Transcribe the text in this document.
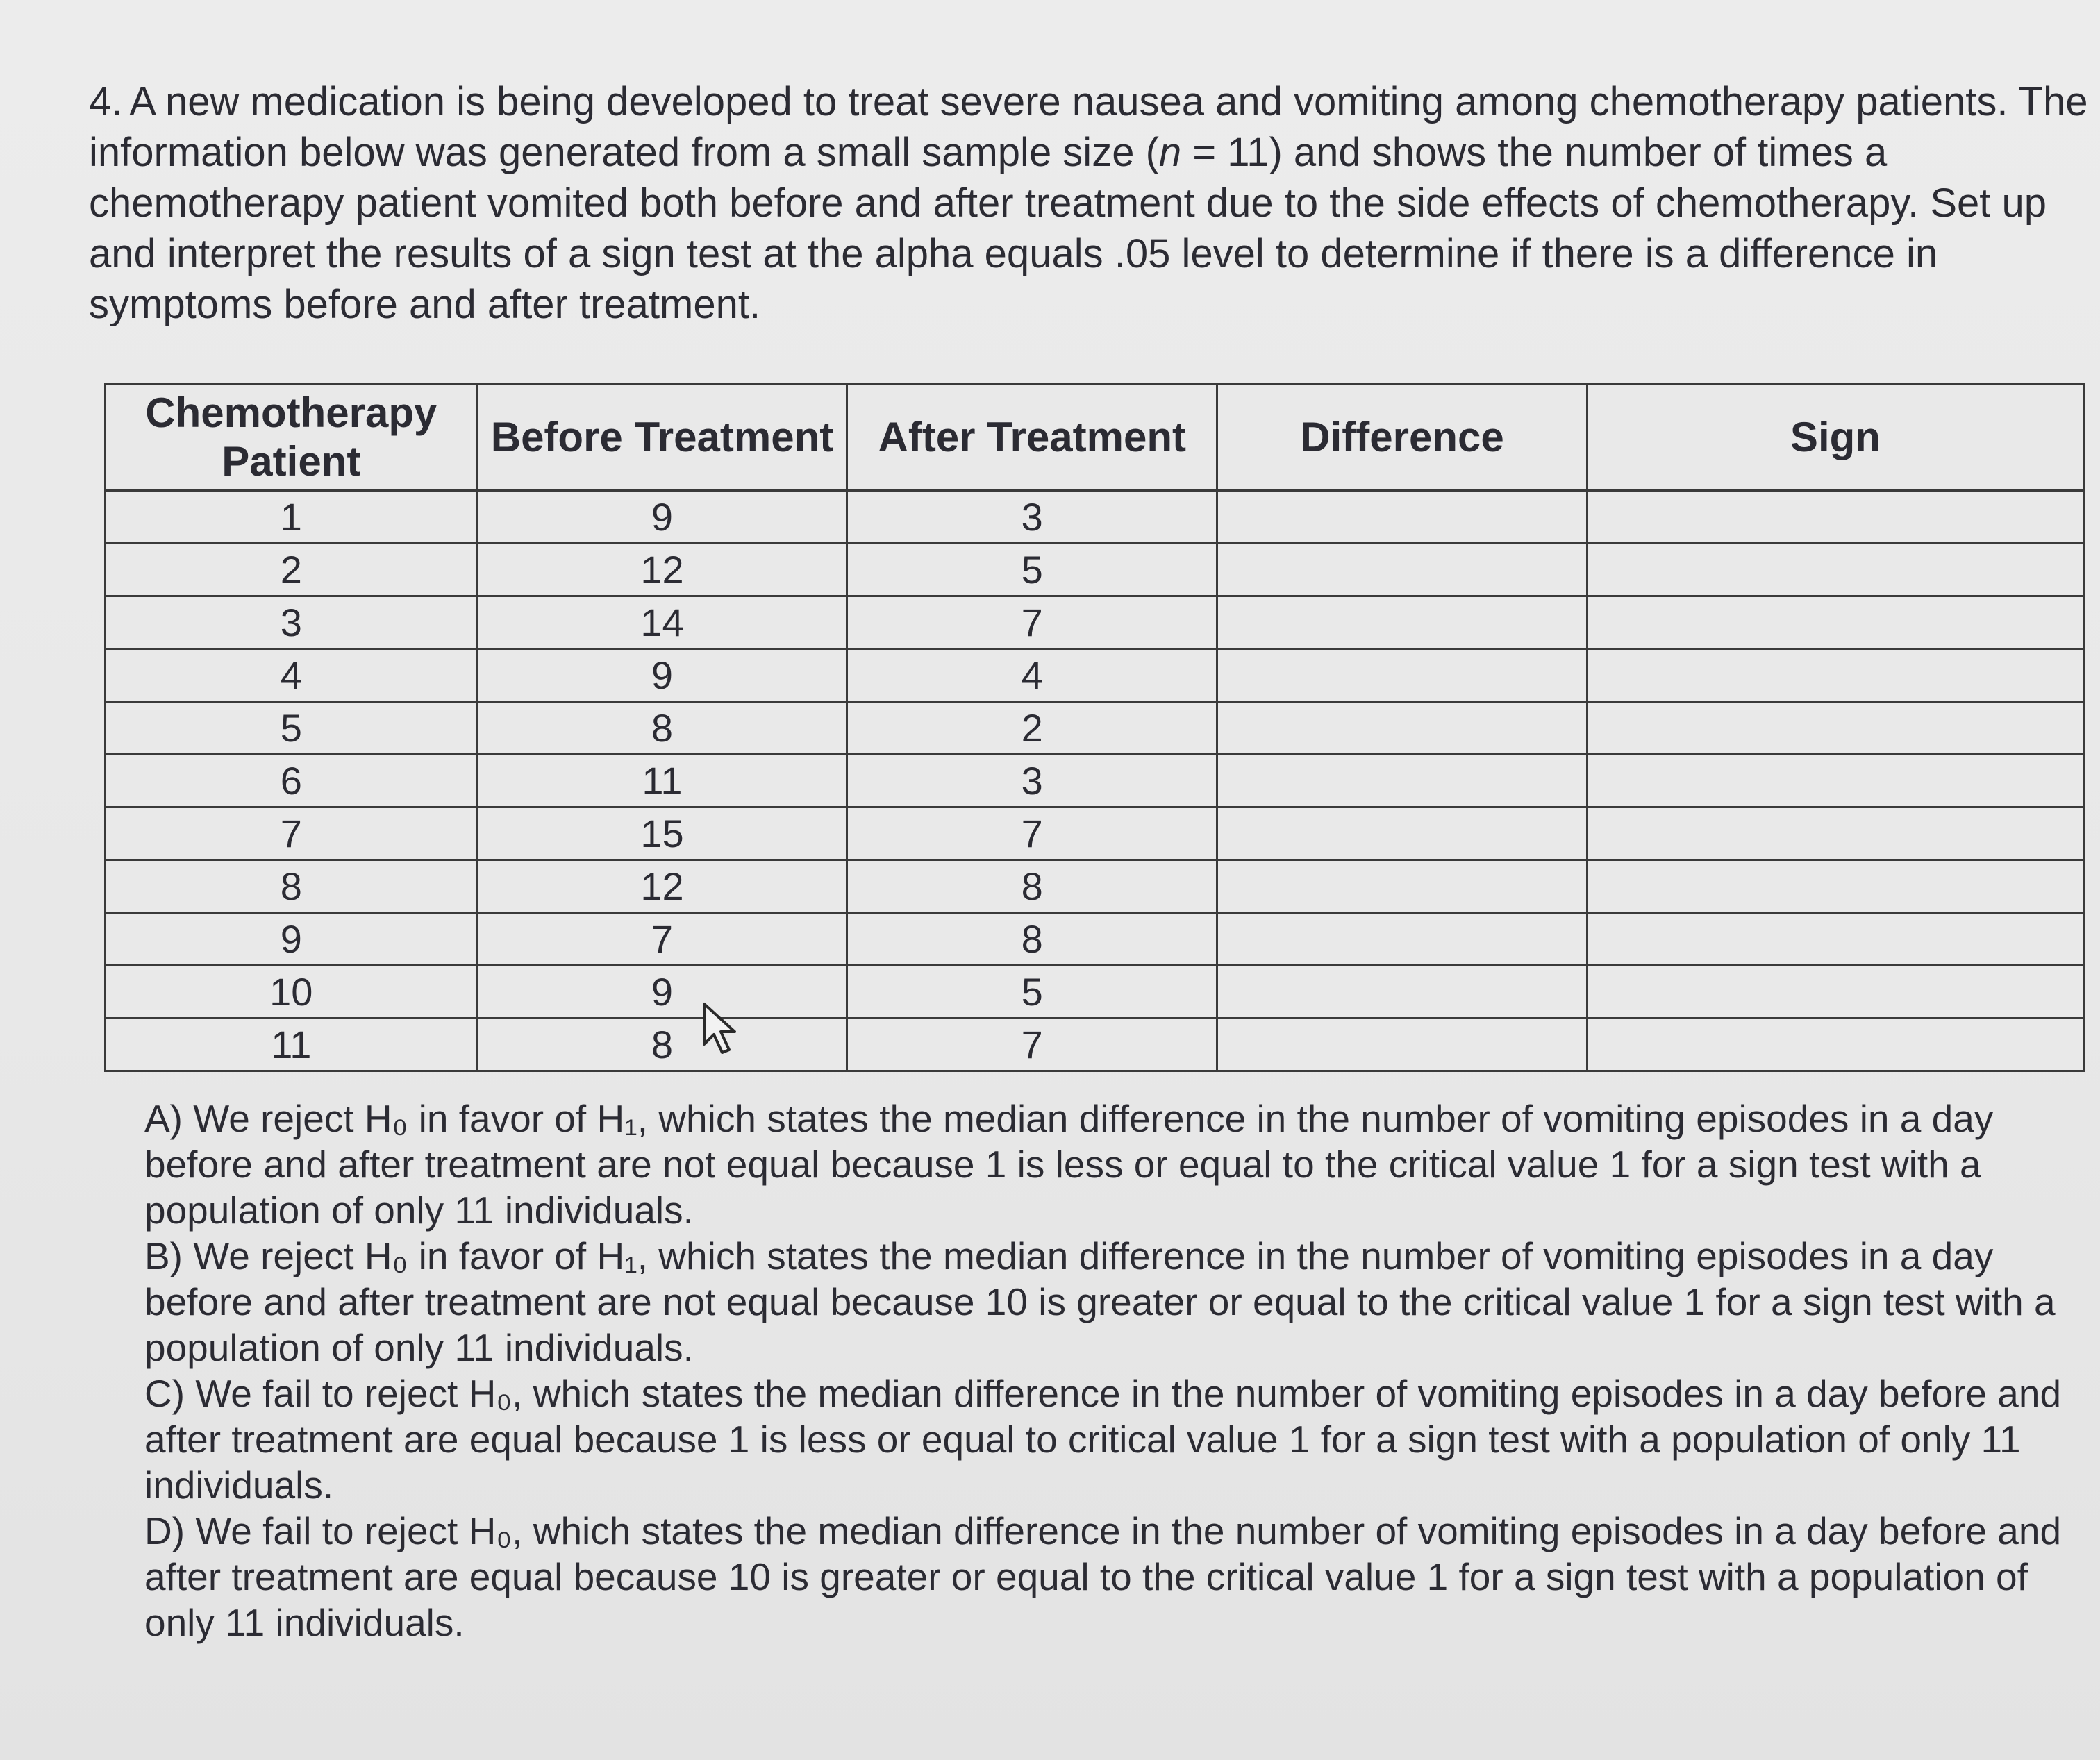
4. A new medication is being developed to treat severe nausea and vomiting among chemotherapy patients. The information below was generated from a small sample size (n = 11) and shows the number of times a chemotherapy patient vomited both before and after treatment due to the side effects of chemotherapy. Set up and interpret the results of a sign test at the alpha equals .05 level to determine if there is a difference in symptoms before and after treatment.

Chemotherapy Patient	Before Treatment	After Treatment	Difference	Sign
1	9	3		
2	12	5		
3	14	7		
4	9	4		
5	8	2		
6	11	3		
7	15	7		
8	12	8		
9	7	8		
10	9	5		
11	8	7		

A) We reject H₀ in favor of H₁, which states the median difference in the number of vomiting episodes in a day before and after treatment are not equal because 1 is less or equal to the critical value 1 for a sign test with a population of only 11 individuals.

B) We reject H₀ in favor of H₁, which states the median difference in the number of vomiting episodes in a day before and after treatment are not equal because 10 is greater or equal to the critical value 1 for a sign test with a population of only 11 individuals.

C) We fail to reject H₀, which states the median difference in the number of vomiting episodes in a day before and after treatment are equal because 1 is less or equal to critical value 1 for a sign test with a population of only 11 individuals.

D) We fail to reject H₀, which states the median difference in the number of vomiting episodes in a day before and after treatment are equal because 10 is greater or equal to the critical value 1 for a sign test with a population of only 11 individuals.
